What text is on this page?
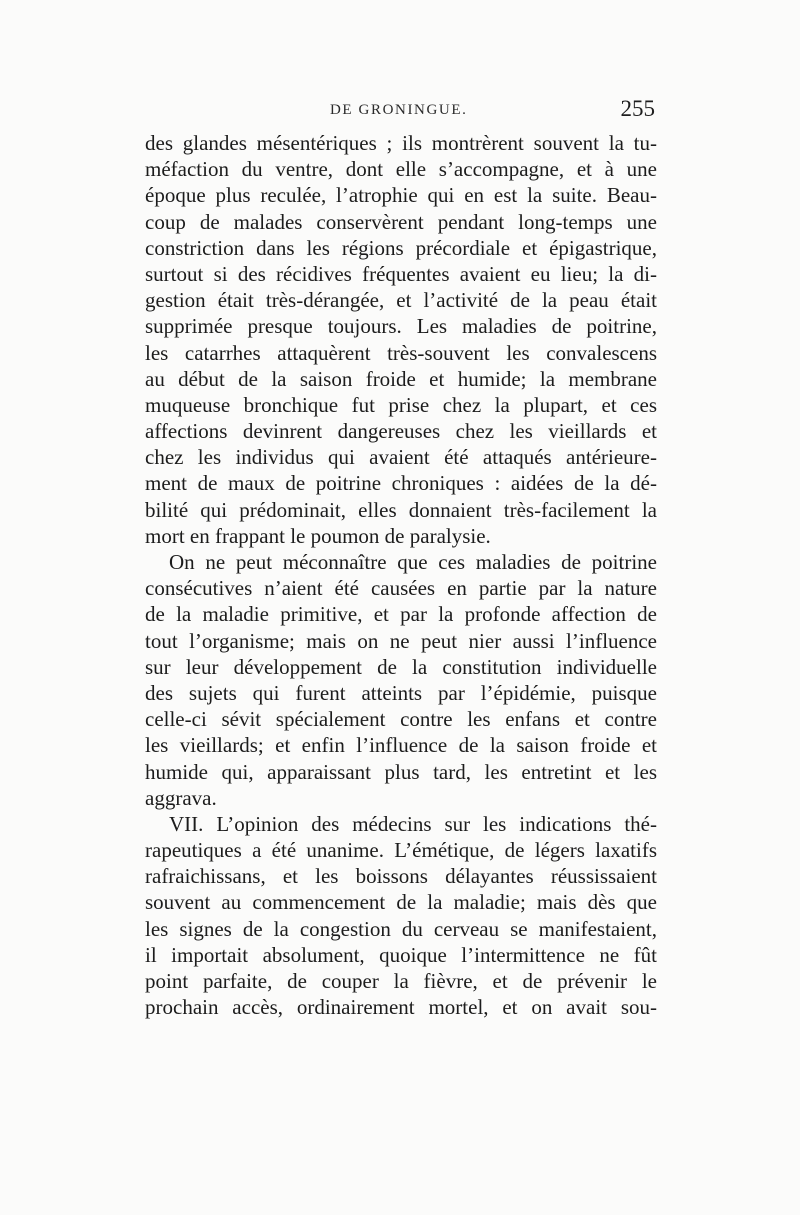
DE GRONINGUE.	255
des glandes mésentériques ; ils montrèrent souvent la tu-
méfaction du ventre, dont elle s’accompagne, et à une
époque plus reculée, l’atrophie qui en est la suite. Beau-
coup de malades conservèrent pendant long-temps une
constriction dans les régions précordiale et épigastrique,
surtout si des récidives fréquentes avaient eu lieu; la di-
gestion était très-dérangée, et l’activité de la peau était
supprimée presque toujours. Les maladies de poitrine,
les catarrhes attaquèrent très-souvent les convalescens
au début de la saison froide et humide; la membrane
muqueuse bronchique fut prise chez la plupart, et ces
affections devinrent dangereuses chez les vieillards et
chez les individus qui avaient été attaqués antérieure-
ment de maux de poitrine chroniques : aidées de la dé-
bilité qui prédominait, elles donnaient très-facilement la
mort en frappant le poumon de paralysie.
On ne peut méconnaître que ces maladies de poitrine
consécutives n’aient été causées en partie par la nature
de la maladie primitive, et par la profonde affection de
tout l’organisme; mais on ne peut nier aussi l’influence
sur leur développement de la constitution individuelle
des sujets qui furent atteints par l’épidémie, puisque
celle-ci sévit spécialement contre les enfans et contre
les vieillards; et enfin l’influence de la saison froide et
humide qui, apparaissant plus tard, les entretint et les
aggrava.
VII. L’opinion des médecins sur les indications thé-
rapeutiques a été unanime. L’émétique, de légers laxatifs
rafraichissans, et les boissons délayantes réussissaient
souvent au commencement de la maladie; mais dès que
les signes de la congestion du cerveau se manifestaient,
il importait absolument, quoique l’intermittence ne fût
point parfaite, de couper la fièvre, et de prévenir le
prochain accès, ordinairement mortel, et on avait sou-
